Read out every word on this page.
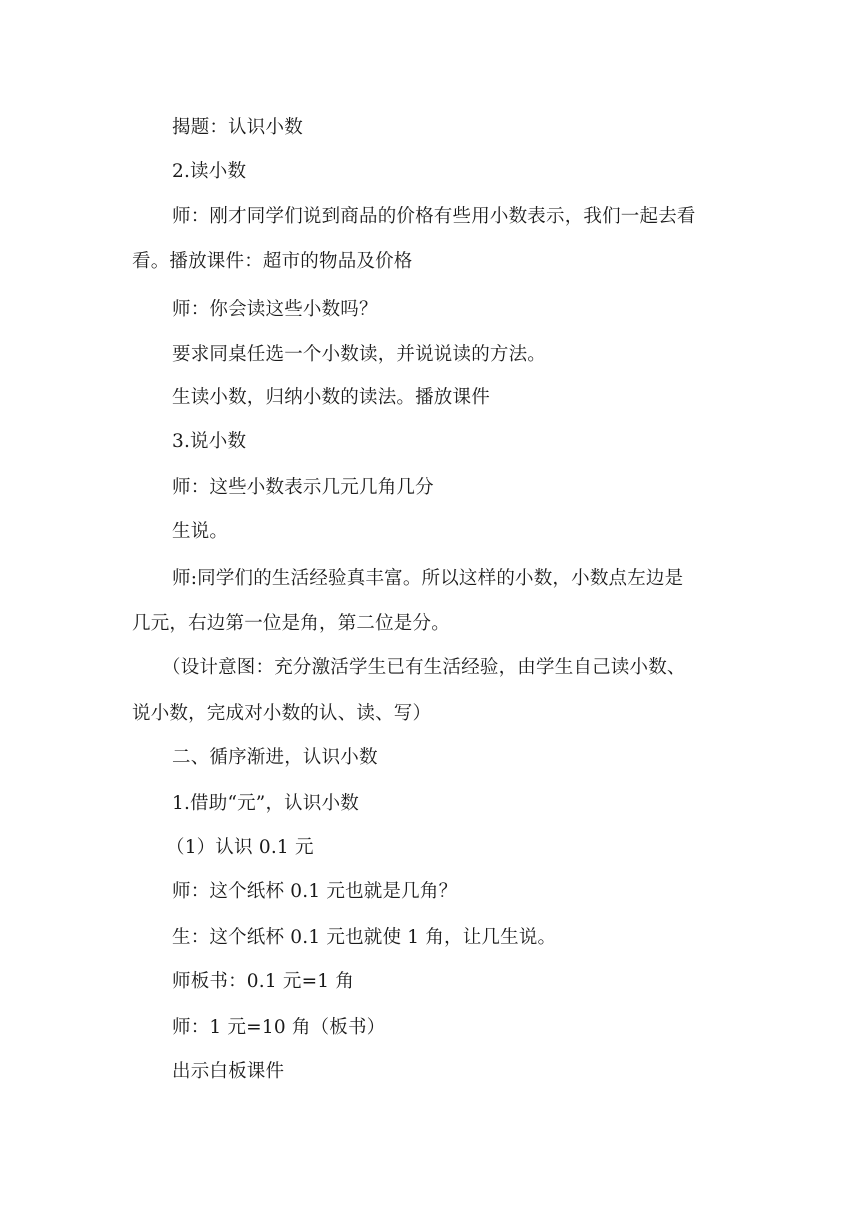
揭题：认识小数
2.读小数
师：刚才同学们说到商品的价格有些用小数表示，我们一起去看
看。播放课件：超市的物品及价格
师：你会读这些小数吗？
要求同桌任选一个小数读，并说说读的方法。
生读小数，归纳小数的读法。播放课件
3.说小数
师：这些小数表示几元几角几分
生说。
师:同学们的生活经验真丰富。所以这样的小数，小数点左边是
几元，右边第一位是角，第二位是分。
（设计意图：充分激活学生已有生活经验，由学生自己读小数、
说小数，完成对小数的认、读、写）
二、循序渐进，认识小数
1.借助“元”，认识小数
（1）认识 0.1 元
师：这个纸杯 0.1 元也就是几角？
生：这个纸杯 0.1 元也就使 1 角，让几生说。
师板书：0.1 元=1 角
师：1 元=10 角（板书）
出示白板课件
